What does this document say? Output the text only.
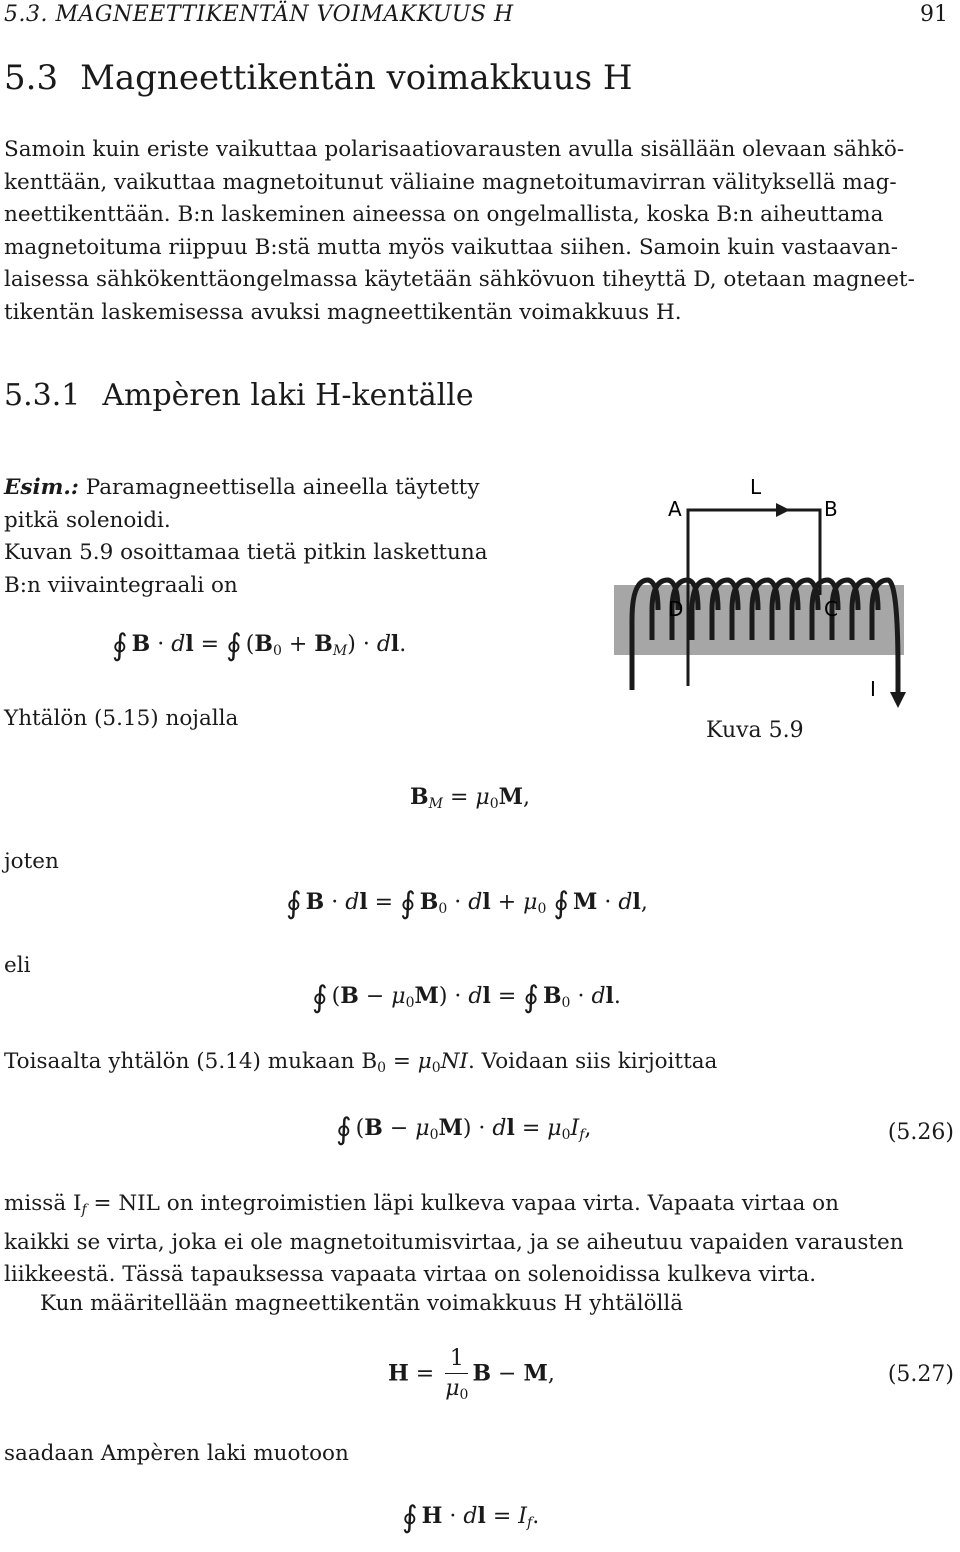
5.3. MAGNEETTIKENTÄN VOIMAKKUUS H	91
5.3 Magneettikentän voimakkuus H
Samoin kuin eriste vaikuttaa polarisaatiovarausten avulla sisällään olevaan sähkö-
kenttään, vaikuttaa magnetoitunut väliaine magnetoitumavirran välityksellä mag-
neettikenttään. B:n laskeminen aineessa on ongelmallista, koska B:n aiheuttama
magnetoituma riippuu B:stä mutta myös vaikuttaa siihen. Samoin kuin vastaavan-
laisessa sähkökenttäongelmassa käytetään sähkövuon tiheyttä D, otetaan magneet-
tikentän laskemisessa avuksi magneettikentän voimakkuus H.
5.3.1 Ampèren laki H-kentälle
Esim.: Paramagneettisella aineella täytetty
pitkä solenoidi.
Kuvan 5.9 osoittamaa tietä pitkin laskettuna
B:n viivaintegraali on
∮ B · dl = ∮ $(B_0 + B_M)$ · dl.
Yhtälön (5.15) nojalla
A
L
B
D	C
I
Kuva 5.9
$B_M = \mu_0M$,
joten
∮ B · dl = ∮ $B_0$ · dl + $\mu_0$ ∮ M · dl,
eli
∮ $(B - \mu_0M)$ · dl = ∮ $B_0$ · dl.
Toisaalta yhtälön (5.14) mukaan $B_0 = \mu_0NI$. Voidaan siis kirjoittaa
∮ $(B - \mu_0M)$ · dl = $\mu_0I_f$,	(5.26)
missä $I_f$ = NIL on integroimistien läpi kulkeva vapaa virta. Vapaata virtaa on
kaikki se virta, joka ei ole magnetoitumisvirtaa, ja se aiheutuu vapaiden varausten
liikkeestä. Tässä tapauksessa vapaata virtaa on solenoidissa kulkeva virta.
Kun määritellään magneettikentän voimakkuus H yhtälöllä
$H = \frac{1}{\mu_0}$ B − M,	(5.27)
saadaan Ampèren laki muotoon
∮ H · dl = $I_f$.
